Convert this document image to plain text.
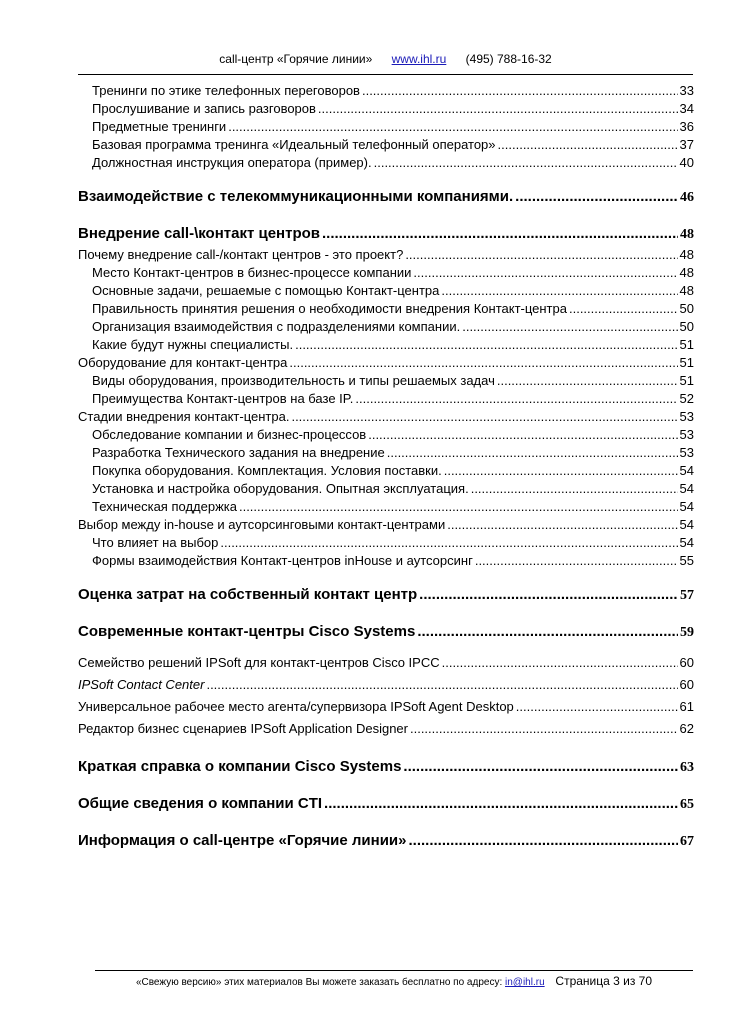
call-центр «Горячие линии» www.ihl.ru (495) 788-16-32
Тренинги по этике телефонных переговоров .....	33
Прослушивание и запись разговоров .....	34
Предметные тренинги .....	36
Базовая программа тренинга «Идеальный телефонный оператор» .....	37
Должностная инструкция оператора (пример). .....	40
Взаимодействие с телекоммуникационными компаниями. .....	46
Внедрение call-\контакт центров .....	48
Почему внедрение call-/контакт центров - это проект? .....	48
Место Контакт-центров в бизнес-процессе компании .....	48
Основные задачи, решаемые с помощью Контакт-центра .....	48
Правильность принятия решения о необходимости внедрения Контакт-центра .....	50
Организация взаимодействия с подразделениями компании. .....	50
Какие будут нужны специалисты. .....	51
Оборудование для контакт-центра .....	51
Виды оборудования, производительность и типы решаемых задач .....	51
Преимущества Контакт-центров на базе IP. .....	52
Стадии внедрения контакт-центра. .....	53
Обследование компании и бизнес-процессов .....	53
Разработка Технического задания на внедрение .....	53
Покупка оборудования. Комплектация. Условия поставки. .....	54
Установка и настройка оборудования. Опытная эксплуатация. .....	54
Техническая поддержка .....	54
Выбор между in-house и аутсорсинговыми контакт-центрами .....	54
Что влияет на выбор .....	54
Формы взаимодействия Контакт-центров inHouse и аутсорсинг .....	55
Оценка затрат на собственный контакт центр .....	57
Современные контакт-центры Cisco Systems .....	59
Семейство решений IPSoft для контакт-центров Cisco IPCC .....	60
IPSoft Contact Center .....	60
Универсальное рабочее место агента/супервизора IPSoft Agent Desktop .....	61
Редактор бизнес сценариев IPSoft Application Designer .....	62
Краткая справка о компании Cisco Systems .....	63
Общие сведения о компании CTI .....	65
Информация о call-центре «Горячие линии» .....	67
«Свежую версию» этих материалов Вы можете заказать бесплатно по адресу: in@ihl.ru Страница 3 из 70
